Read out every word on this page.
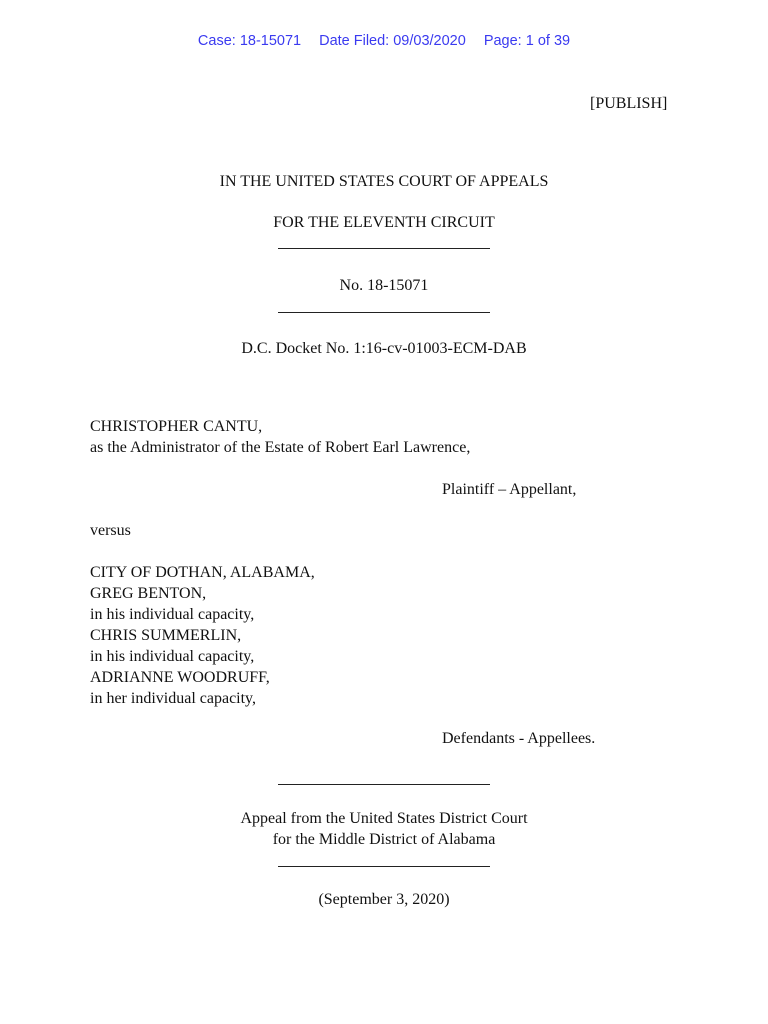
Case: 18-15071 Date Filed: 09/03/2020 Page: 1 of 39
[PUBLISH]
IN THE UNITED STATES COURT OF APPEALS
FOR THE ELEVENTH CIRCUIT
No. 18-15071
D.C. Docket No. 1:16-cv-01003-ECM-DAB
CHRISTOPHER CANTU,
as the Administrator of the Estate of Robert Earl Lawrence,
Plaintiff – Appellant,
versus
CITY OF DOTHAN, ALABAMA,
GREG BENTON,
in his individual capacity,
CHRIS SUMMERLIN,
in his individual capacity,
ADRIANNE WOODRUFF,
in her individual capacity,
Defendants - Appellees.
Appeal from the United States District Court
for the Middle District of Alabama
(September 3, 2020)
